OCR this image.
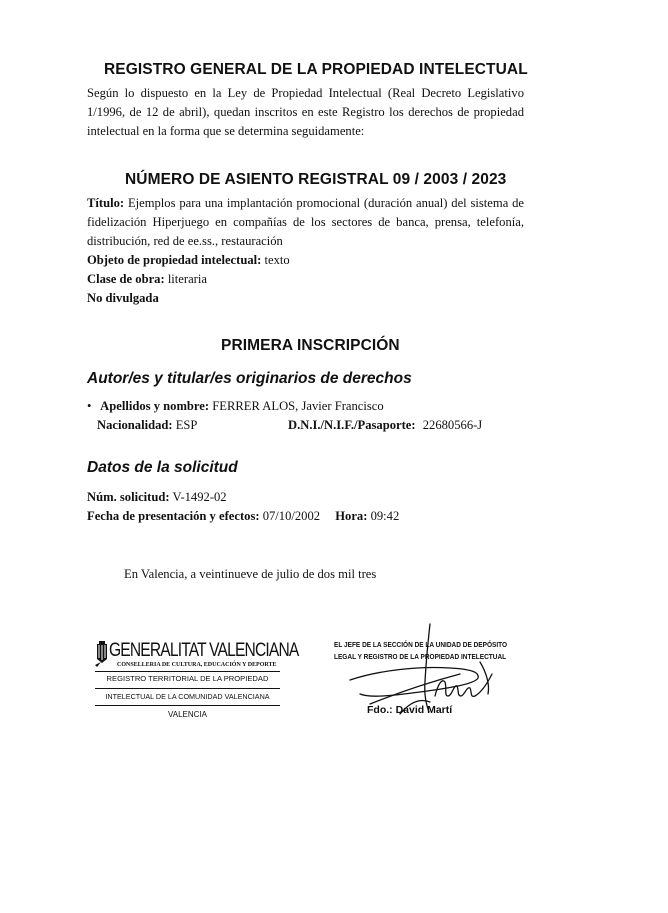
REGISTRO GENERAL DE LA PROPIEDAD INTELECTUAL
Según lo dispuesto en la Ley de Propiedad Intelectual (Real Decreto Legislativo
1/1996, de 12 de abril), quedan inscritos en este Registro los derechos de propiedad
intelectual en la forma que se determina seguidamente:
NÚMERO DE ASIENTO REGISTRAL 09 / 2003 / 2023
Título: Ejemplos para una implantación promocional (duración anual) del sistema de
fidelización Hiperjuego en compañías de los sectores de banca, prensa, telefonía,
distribución, red de ee.ss., restauración
Objeto de propiedad intelectual: texto
Clase de obra: literaria
No divulgada
PRIMERA INSCRIPCIÓN
Autor/es y titular/es originarios de derechos
• Apellidos y nombre: FERRER ALOS, Javier Francisco
Nacionalidad: ESP	D.N.I./N.I.F./Pasaporte: 22680566-J
Datos de la solicitud
Núm. solicitud: V-1492-02
Fecha de presentación y efectos: 07/10/2002 Hora: 09:42
En Valencia, a veintinueve de julio de dos mil tres
GENERALITAT VALENCIANA
CONSELLERIA DE CULTURA, EDUCACIÓN Y DEPORTE
REGISTRO TERRITORIAL DE LA PROPIEDAD
INTELECTUAL DE LA COMUNIDAD VALENCIANA
VALENCIA
EL JEFE DE LA SECCIÓN DE LA UNIDAD DE DEPÓSITO
LEGAL Y REGISTRO DE LA PROPIEDAD INTELECTUAL
Fdo.: David Martí
